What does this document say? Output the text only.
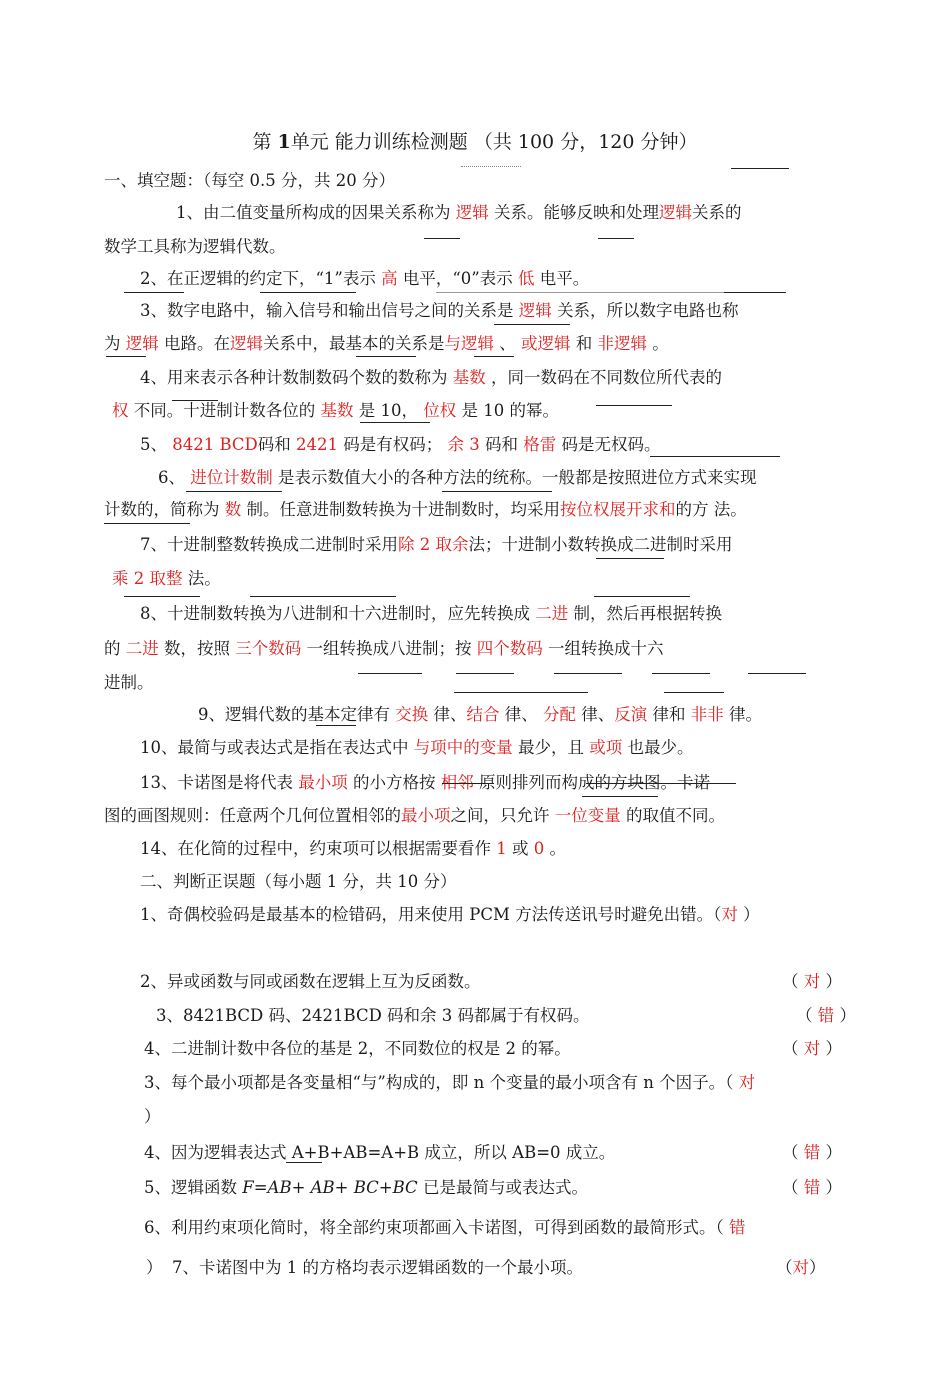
第 1单元 能力训练检测题 （共 100 分，120 分钟）
一、填空题：（每空 0.5 分，共 20 分）
1、由二值变量所构成的因果关系称为 逻辑 关系。能够反映和处理逻辑关系的
数学工具称为逻辑代数。
2、在正逻辑的约定下，“1”表示 高 电平，“0”表示 低 电平。
3、数字电路中，输入信号和输出信号之间的关系是 逻辑 关系，所以数字电路也称
为 逻辑 电路。在逻辑关系中，最基本的关系是与逻辑 、 或逻辑 和 非逻辑 。
4、用来表示各种计数制数码个数的数称为 基数 ，同一数码在不同数位所代表的
权 不同。十进制计数各位的 基数 是 10， 位权 是 10 的幂。
5、 8421 BCD码和 2421 码是有权码； 余 3 码和 格雷 码是无权码。
6、 进位计数制 是表示数值大小的各种方法的统称。一般都是按照进位方式来实现
计数的，简称为 数 制。任意进制数转换为十进制数时，均采用按位权展开求和的方 法。
7、十进制整数转换成二进制时采用除 2 取余法；十进制小数转换成二进制时采用
乘 2 取整 法。
8、十进制数转换为八进制和十六进制时，应先转换成 二进 制，然后再根据转换
的 二进 数，按照 三个数码 一组转换成八进制；按 四个数码 一组转换成十六
进制。
9、逻辑代数的基本定律有 交换 律、结合 律、 分配 律、反演 律和 非非 律。
10、最简与或表达式是指在表达式中 与项中的变量 最少，且 或项 也最少。
13、卡诺图是将代表 最小项 的小方格按 相邻 原则排列而构成的方块图。卡诺
图的画图规则：任意两个几何位置相邻的最小项之间，只允许 一位变量 的取值不同。
14、在化简的过程中，约束项可以根据需要看作 1 或 0 。
二、判断正误题（每小题 1 分，共 10 分）
1、奇偶校验码是最基本的检错码，用来使用 PCM 方法传送讯号时避免出错。（对 ）
2、异或函数与同或函数在逻辑上互为反函数。	（ 对 ）
3、8421BCD 码、2421BCD 码和余 3 码都属于有权码。	（ 错 ）
4、二进制计数中各位的基是 2，不同数位的权是 2 的幂。	（ 对 ）
3、每个最小项都是各变量相“与”构成的，即 n 个变量的最小项含有 n 个因子。（ 对
）
4、因为逻辑表达式 A+B+AB=A+B 成立，所以 AB=0 成立。	（ 错 ）
5、逻辑函数 F=AB+ AB+ BC+BC 已是最简与或表达式。	（ 错 ）
6、利用约束项化简时，将全部约束项都画入卡诺图，可得到函数的最简形式。（ 错
） 7、卡诺图中为 1 的方格均表示逻辑函数的一个最小项。	（对）
